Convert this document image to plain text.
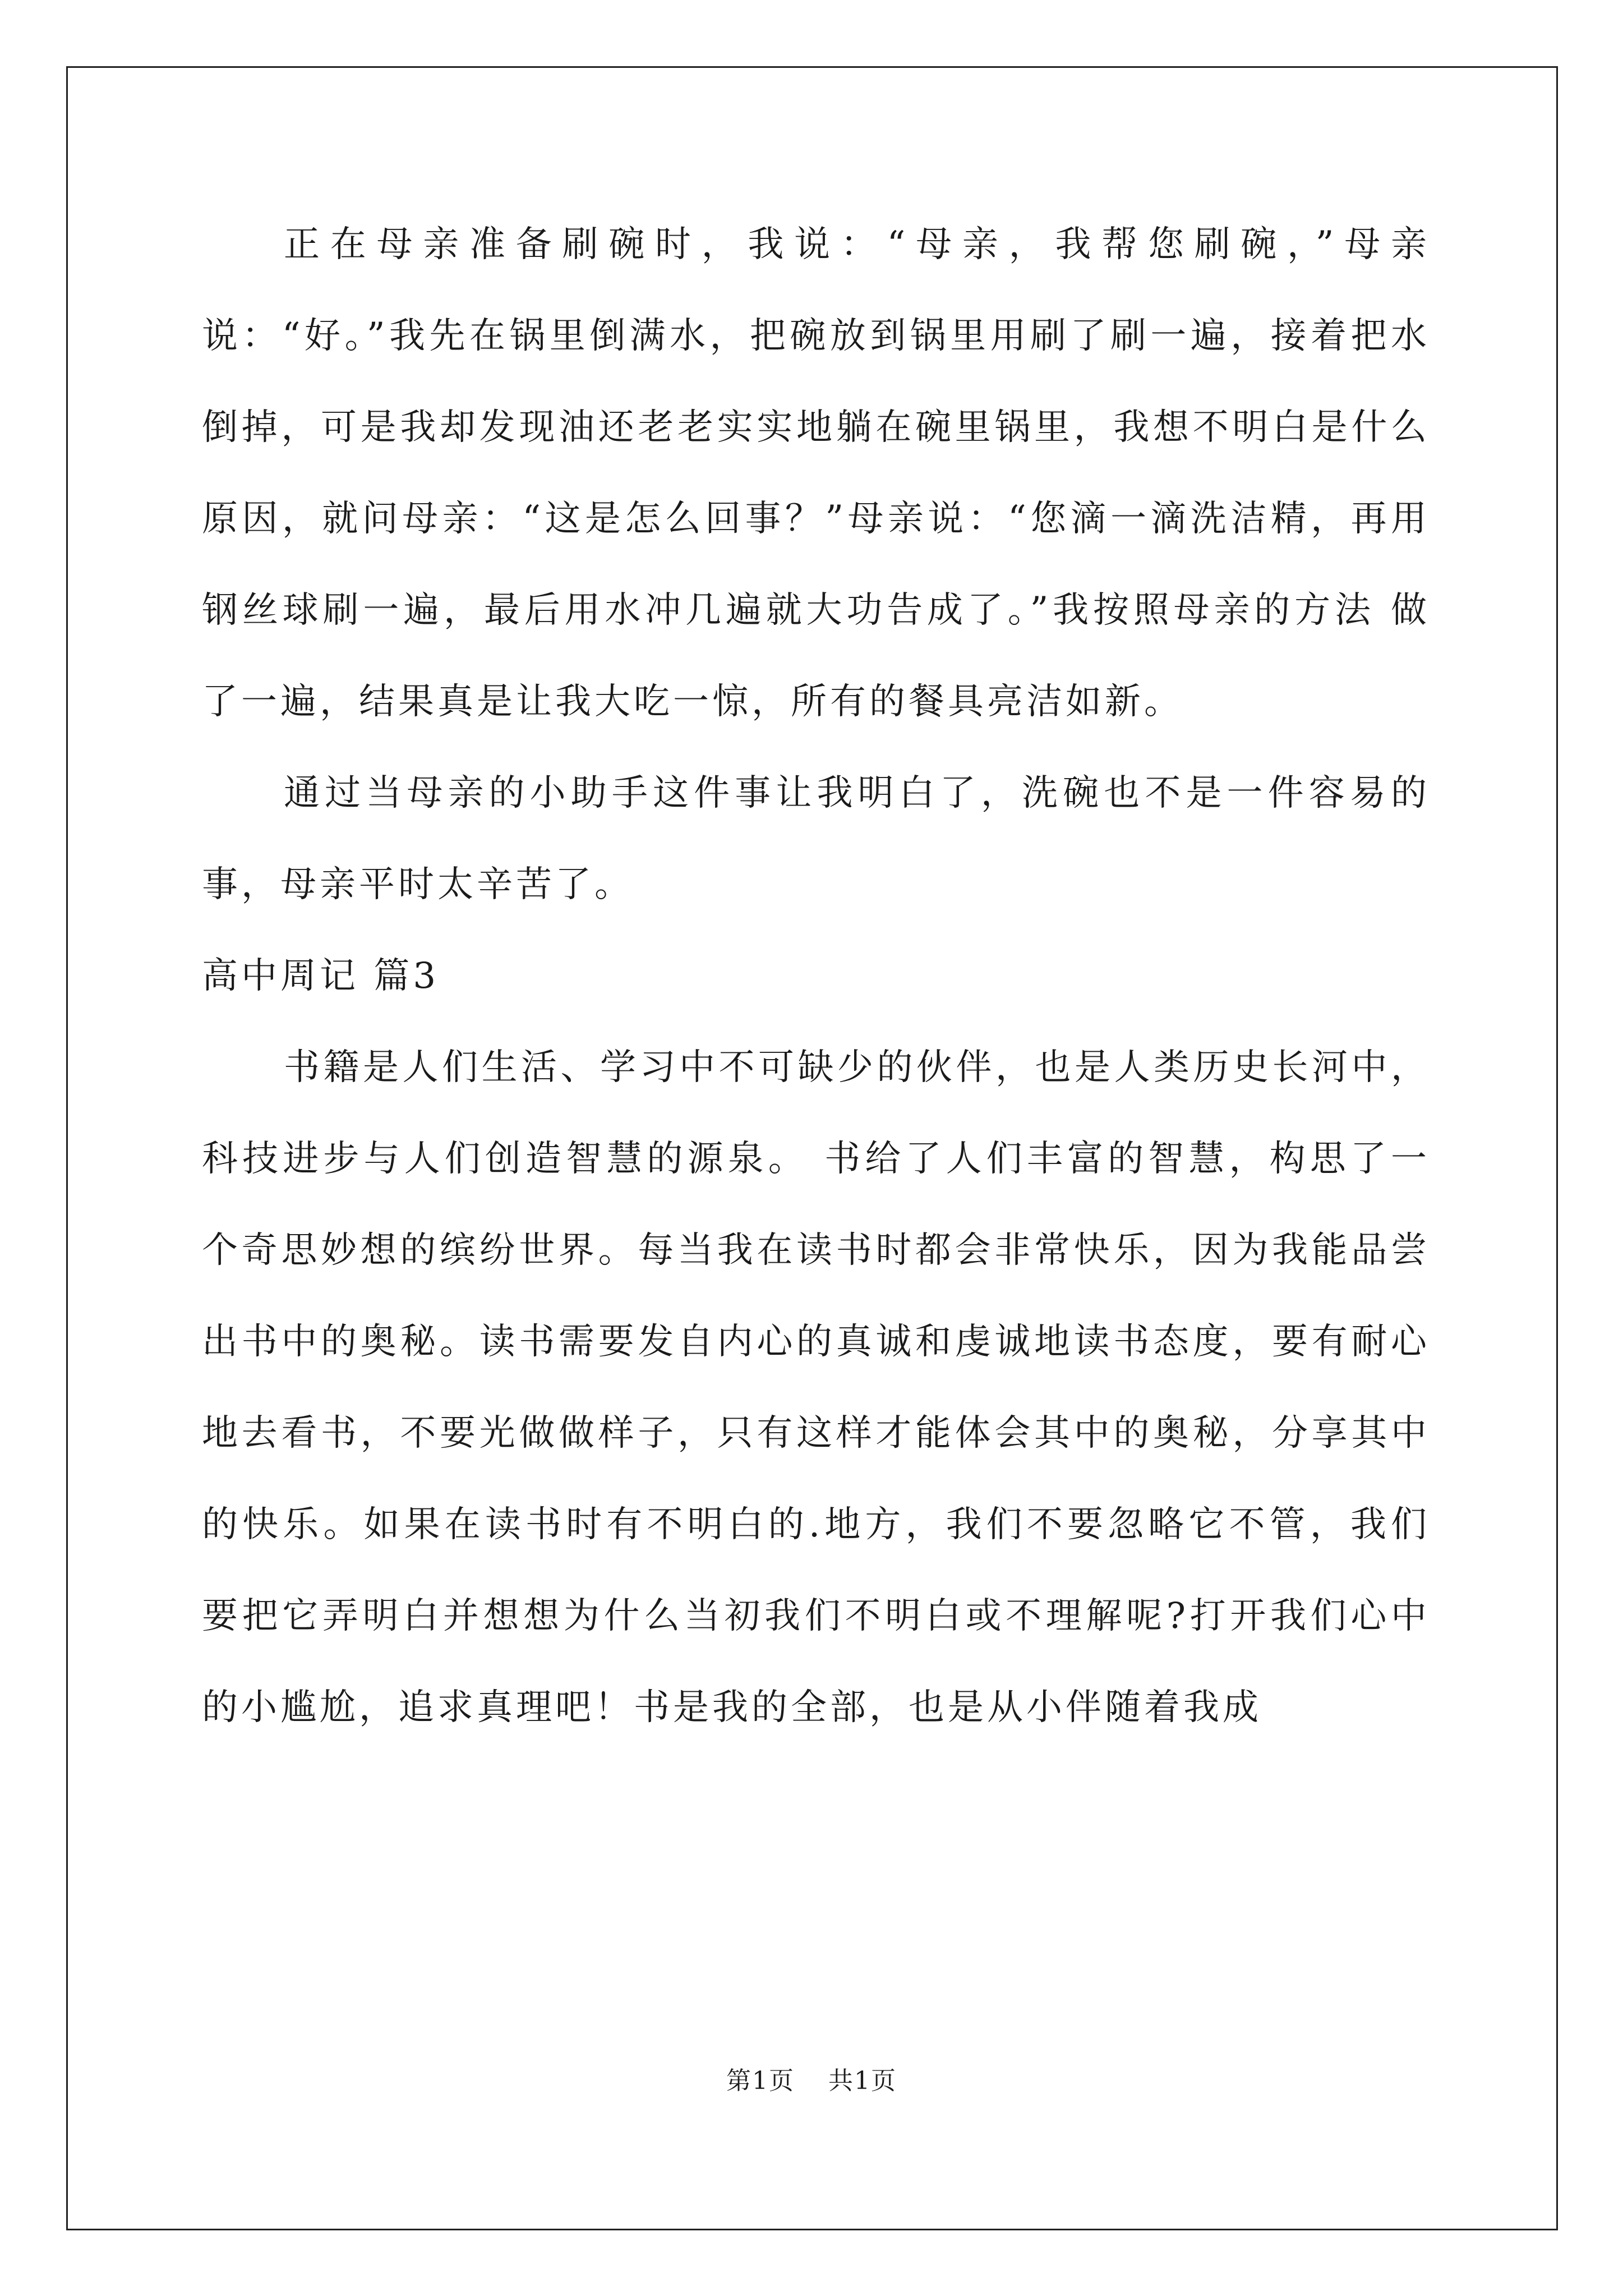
正在母亲准备刷碗时，我说：“母亲，我帮您刷碗，”母亲说：“好。”我先在锅里倒满水，把碗放到锅里用刷了刷一遍，接着把水倒掉，可是我却发现油还老老实实地躺在碗里锅里，我想不明白是什么原因，就问母亲：“这是怎么回事？”母亲说：“您滴一滴洗洁精，再用钢丝球刷一遍，最后用水冲几遍就大功告成了。”我按照母亲的方法 做了一遍，结果真是让我大吃一惊，所有的餐具亮洁如新。

通过当母亲的小助手这件事让我明白了，洗碗也不是一件容易的事，母亲平时太辛苦了。

高中周记 篇3

书籍是人们生活、学习中不可缺少的伙伴，也是人类历史长河中，科技进步与人们创造智慧的源泉。 书给了人们丰富的智慧，构思了一个奇思妙想的缤纷世界。每当我在读书时都会非常快乐，因为我能品尝出书中的奥秘。读书需要发自内心的真诚和虔诚地读书态度，要有耐心地去看书，不要光做做样子，只有这样才能体会其中的奥秘，分享其中的快乐。如果在读书时有不明白的.地方，我们不要忽略它不管，我们要把它弄明白并想想为什么当初我们不明白或不理解呢?打开我们心中的小尴尬，追求真理吧！书是我的全部，也是从小伴随着我成

第1页 共1页
